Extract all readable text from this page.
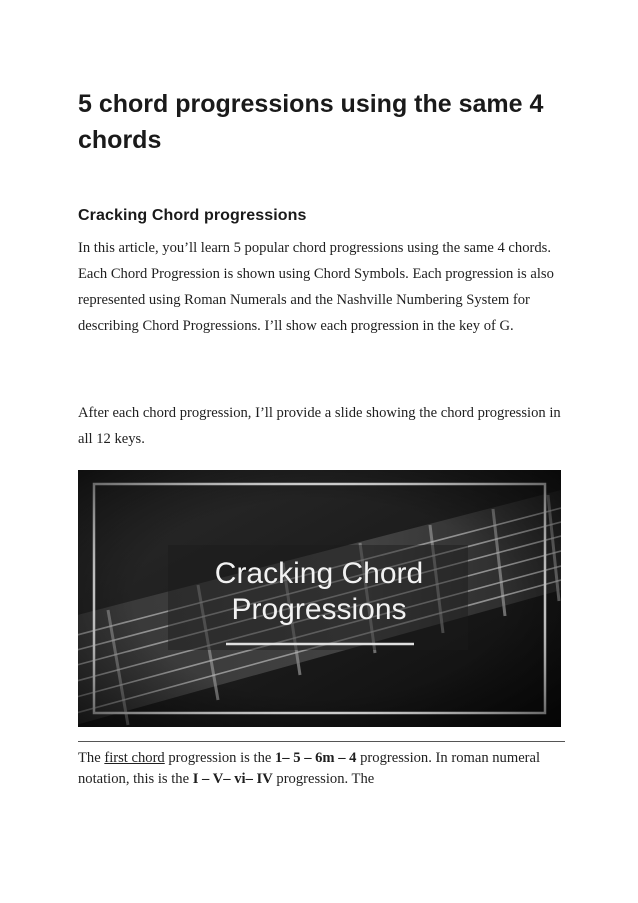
5 chord progressions using the same 4 chords
Cracking Chord progressions

In this article, you’ll learn 5 popular chord progressions using the same 4 chords. Each Chord Progression is shown using Chord Symbols. Each progression is also represented using Roman Numerals and the Nashville Numbering System for describing Chord Progressions. I’ll show each progression in the key of G.

After each chord progression, I’ll provide a slide showing the chord progression in all 12 keys.

The first chord progression is the 1– 5 – 6m – 4 progression. In roman numeral notation, this is the I – V– vi– IV progression. The
